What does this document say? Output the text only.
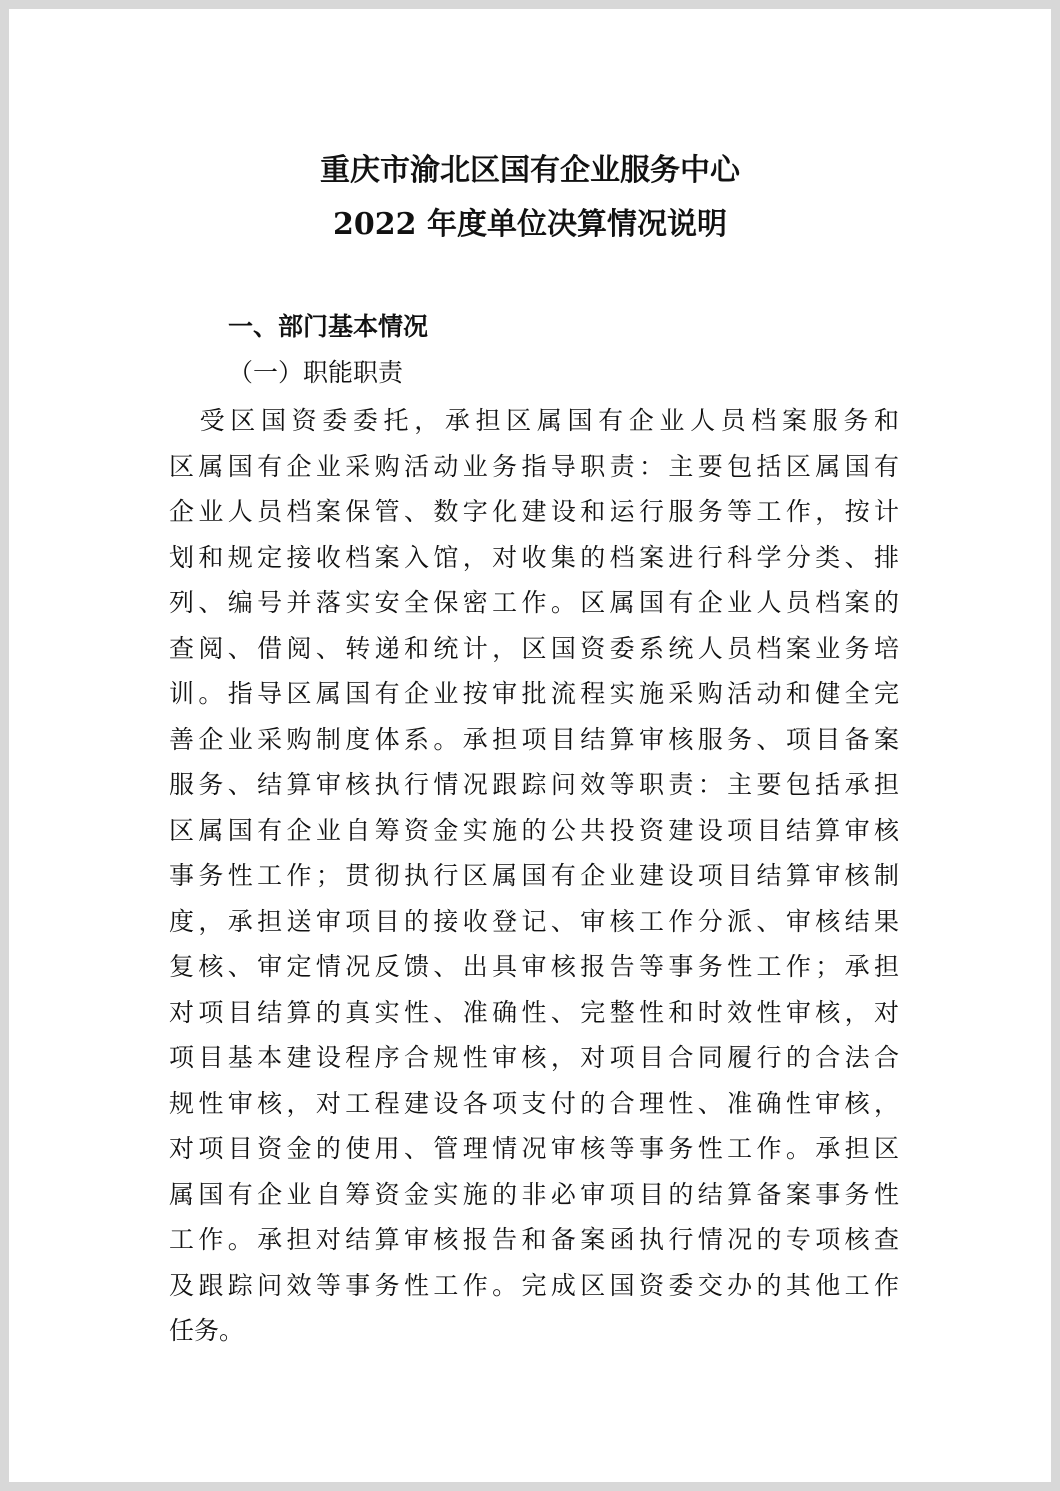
重庆市渝北区国有企业服务中心
2022 年度单位决算情况说明
一、部门基本情况
（一）职能职责
　受区国资委委托，承担区属国有企业人员档案服务和
区属国有企业采购活动业务指导职责：主要包括区属国有
企业人员档案保管、数字化建设和运行服务等工作，按计
划和规定接收档案入馆，对收集的档案进行科学分类、排
列、编号并落实安全保密工作。区属国有企业人员档案的
查阅、借阅、转递和统计，区国资委系统人员档案业务培
训。指导区属国有企业按审批流程实施采购活动和健全完
善企业采购制度体系。承担项目结算审核服务、项目备案
服务、结算审核执行情况跟踪问效等职责：主要包括承担
区属国有企业自筹资金实施的公共投资建设项目结算审核
事务性工作；贯彻执行区属国有企业建设项目结算审核制
度，承担送审项目的接收登记、审核工作分派、审核结果
复核、审定情况反馈、出具审核报告等事务性工作；承担
对项目结算的真实性、准确性、完整性和时效性审核，对
项目基本建设程序合规性审核，对项目合同履行的合法合
规性审核，对工程建设各项支付的合理性、准确性审核，
对项目资金的使用、管理情况审核等事务性工作。承担区
属国有企业自筹资金实施的非必审项目的结算备案事务性
工作。承担对结算审核报告和备案函执行情况的专项核查
及跟踪问效等事务性工作。完成区国资委交办的其他工作
任务。
